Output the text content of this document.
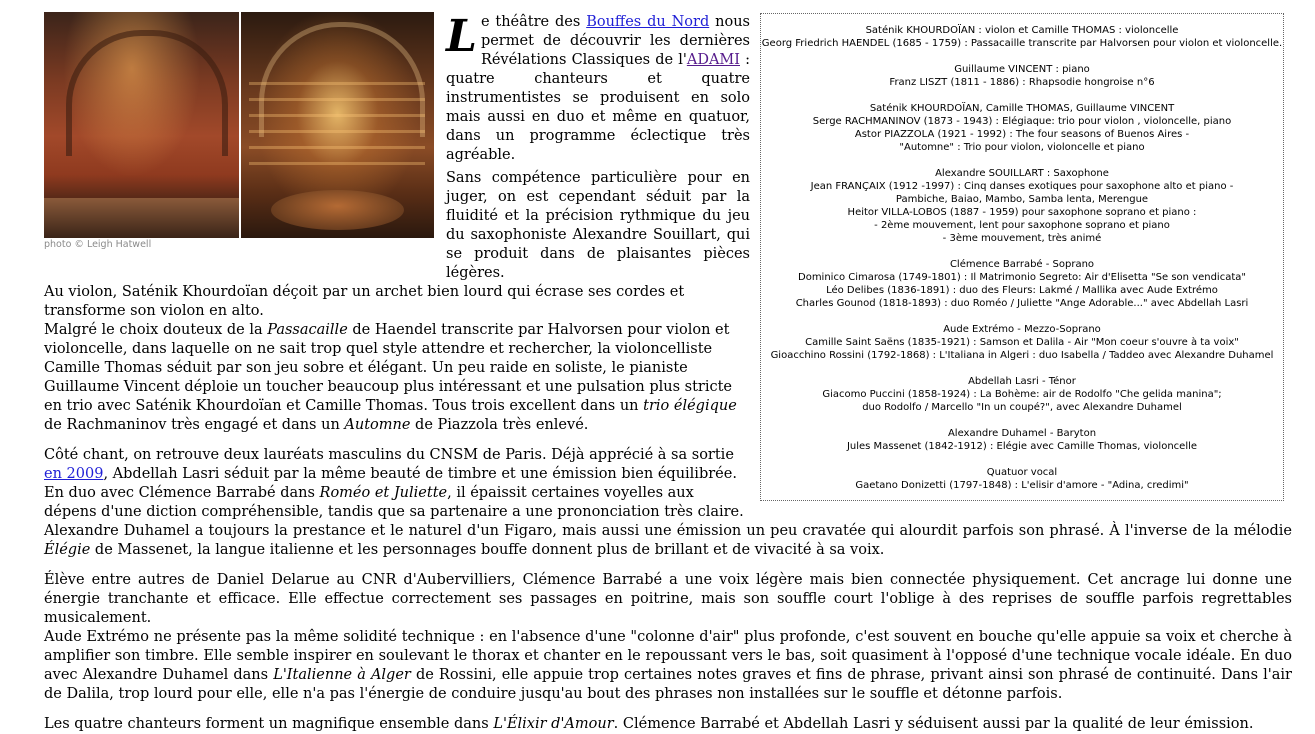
photo © Leigh Hatwell
Saténik KHOURDOÏAN : violon et Camille THOMAS : violoncelle
Georg Friedrich HAENDEL (1685 - 1759) : Passacaille transcrite par Halvorsen pour violon et violoncelle.
Guillaume VINCENT : piano
Franz LISZT (1811 - 1886) : Rhapsodie hongroise n°6
Saténik KHOURDOÏAN, Camille THOMAS, Guillaume VINCENT
Serge RACHMANINOV (1873 - 1943) : Elégiaque: trio pour violon , violoncelle, piano
Astor PIAZZOLA (1921 - 1992) : The four seasons of Buenos Aires -
"Automne" : Trio pour violon, violoncelle et piano
Alexandre SOUILLART : Saxophone
Jean FRANÇAIX (1912 -1997) : Cinq danses exotiques pour saxophone alto et piano -
Pambiche, Baiao, Mambo, Samba lenta, Merengue
Heitor VILLA-LOBOS (1887 - 1959) pour saxophone soprano et piano :
- 2ème mouvement, lent pour saxophone soprano et piano
- 3ème mouvement, très animé
Clémence Barrabé - Soprano
Dominico Cimarosa (1749-1801) : Il Matrimonio Segreto: Air d'Elisetta "Se son vendicata"
Léo Delibes (1836-1891) : duo des Fleurs: Lakmé / Mallika avec Aude Extrémo
Charles Gounod (1818-1893) : duo Roméo / Juliette "Ange Adorable..." avec Abdellah Lasri
Aude Extrémo - Mezzo-Soprano
Camille Saint Saëns (1835-1921) : Samson et Dalila - Air "Mon coeur s'ouvre à ta voix"
Gioacchino Rossini (1792-1868) : L'Italiana in Algeri : duo Isabella / Taddeo avec Alexandre Duhamel
Abdellah Lasri - Ténor
Giacomo Puccini (1858-1924) : La Bohème: air de Rodolfo "Che gelida manina";
duo Rodolfo / Marcello "In un coupé?", avec Alexandre Duhamel
Alexandre Duhamel - Baryton
Jules Massenet (1842-1912) : Elégie avec Camille Thomas, violoncelle
Quatuor vocal
Gaetano Donizetti (1797-1848) : L'elisir d'amore - "Adina, credimi"

Le théâtre des Bouffes du Nord nous permet de découvrir les dernières Révélations Classiques de l'ADAMI : quatre chanteurs et quatre instrumentistes se produisent en solo mais aussi en duo et même en quatuor, dans un programme éclectique très agréable.

Sans compétence particulière pour en juger, on est cependant séduit par la fluidité et la précision rythmique du jeu du saxophoniste Alexandre Souillart, qui se produit dans de plaisantes pièces légères.

Au violon, Saténik Khourdoïan déçoit par un archet bien lourd qui écrase ses cordes et transforme son violon en alto.

Malgré le choix douteux de la Passacaille de Haendel transcrite par Halvorsen pour violon et violoncelle, dans laquelle on ne sait trop quel style attendre et rechercher, la violoncelliste Camille Thomas séduit par son jeu sobre et élégant. Un peu raide en soliste, le pianiste Guillaume Vincent déploie un toucher beaucoup plus intéressant et une pulsation plus stricte en trio avec Saténik Khourdoïan et Camille Thomas. Tous trois excellent dans un trio élégique de Rachmaninov très engagé et dans un Automne de Piazzola très enlevé.

Côté chant, on retrouve deux lauréats masculins du CNSM de Paris. Déjà apprécié à sa sortie en 2009, Abdellah Lasri séduit par la même beauté de timbre et une émission bien équilibrée. En duo avec Clémence Barrabé dans Roméo et Juliette, il épaissit certaines voyelles aux dépens d'une diction compréhensible, tandis que sa partenaire a une prononciation très claire.

Alexandre Duhamel a toujours la prestance et le naturel d'un Figaro, mais aussi une émission un peu cravatée qui alourdit parfois son phrasé. À l'inverse de la mélodie Élégie de Massenet, la langue italienne et les personnages bouffe donnent plus de brillant et de vivacité à sa voix.

Élève entre autres de Daniel Delarue au CNR d'Aubervilliers, Clémence Barrabé a une voix légère mais bien connectée physiquement. Cet ancrage lui donne une énergie tranchante et efficace. Elle effectue correctement ses passages en poitrine, mais son souffle court l'oblige à des reprises de souffle parfois regrettables musicalement.

Aude Extrémo ne présente pas la même solidité technique : en l'absence d'une "colonne d'air" plus profonde, c'est souvent en bouche qu'elle appuie sa voix et cherche à amplifier son timbre. Elle semble inspirer en soulevant le thorax et chanter en le repoussant vers le bas, soit quasiment à l'opposé d'une technique vocale idéale. En duo avec Alexandre Duhamel dans L'Italienne à Alger de Rossini, elle appuie trop certaines notes graves et fins de phrase, privant ainsi son phrasé de continuité. Dans l'air de Dalila, trop lourd pour elle, elle n'a pas l'énergie de conduire jusqu'au bout des phrases non installées sur le souffle et détonne parfois.

Les quatre chanteurs forment un magnifique ensemble dans L'Élixir d'Amour. Clémence Barrabé et Abdellah Lasri y séduisent aussi par la qualité de leur émission.
